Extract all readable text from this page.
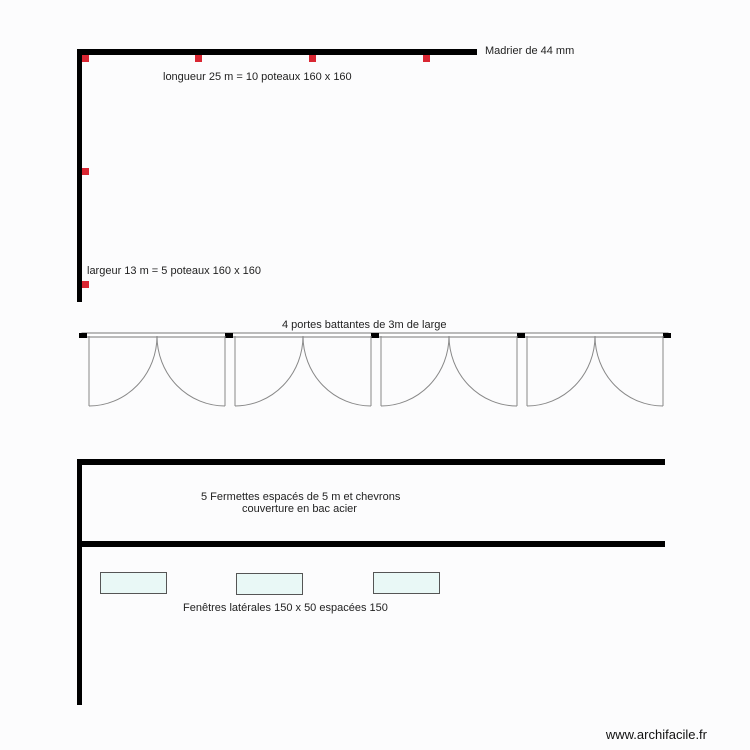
Madrier de 44 mm
longueur 25 m = 10 poteaux 160 x 160
largeur 13 m = 5 poteaux 160 x 160
4 portes battantes de 3m de large
5 Fermettes espacés de 5 m et chevrons
couverture en bac acier
Fenêtres latérales 150 x 50 espacées 150
www.archifacile.fr
